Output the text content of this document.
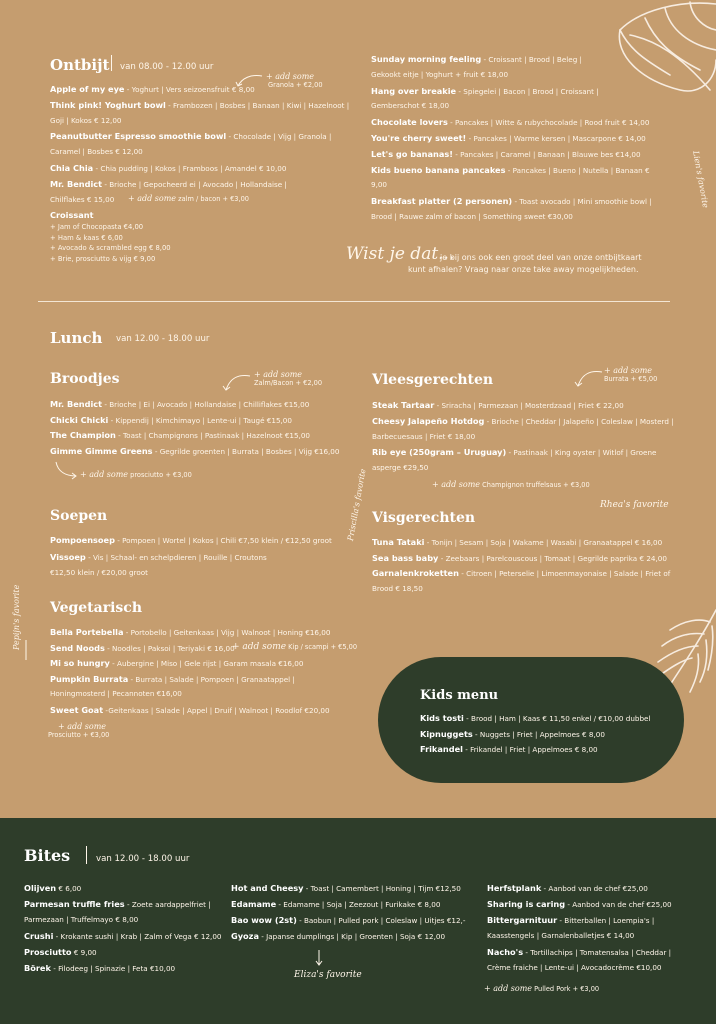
Ontbijt van 08.00 - 12.00 uur
+ add some
Granola + €2,00
Apple of my eye - Yoghurt | Vers seizoensfruit € 8,00
Think pink! Yoghurt bowl - Frambozen | Bosbes | Banaan | Kiwi | Hazelnoot |
Goji | Kokos € 12,00
Peanutbutter Espresso smoothie bowl - Chocolade | Vijg | Granola |
Caramel | Bosbes € 12,00
Chia Chia - Chia pudding | Kokos | Framboos | Amandel € 10,00
Mr. Bendict - Brioche | Gepocheerd ei | Avocado | Hollandaise |
Chilflakes € 15,00
Croissant
+ add some zalm / bacon + €3,00
+ Jam of Chocopasta €4,00
+ Ham & kaas € 6,00
+ Avocado & scrambled egg € 8,00
+ Brie, prosciutto & vijg € 9,00
Sunday morning feeling - Croissant | Brood | Beleg |
Gekookt eitje | Yoghurt + fruit € 18,00
Hang over breakie - Spiegelei | Bacon | Brood | Croissant |
Gemberschot € 18,00
Chocolate lovers - Pancakes | Witte & rubychocolade | Rood fruit € 14,00
You're cherry sweet! - Pancakes | Warme kersen | Mascarpone € 14,00
Let's go bananas! - Pancakes | Caramel | Banaan | Blauwe bes €14,00
Kids bueno banana pancakes - Pancakes | Bueno | Nutella | Banaan €
9,00
Breakfast platter (2 personen) - Toast avocado | Mini smoothie bowl |
Brood | Rauwe zalm of bacon | Something sweet €30,00
Wist je dat...
je bij ons ook een groot deel van onze ontbijtkaart
kunt afhalen? Vraag naar onze take away mogelijkheden.
Lien's favorite
Lunch van 12.00 - 18.00 uur
Broodjes	+ add some
Zalm/Bacon + €2,00
Mr. Bendict - Brioche | Ei | Avocado | Hollandaise | Chilliflakes €15,00
Chicki Chicki - Kippendij | Kimchimayo | Lente-ui | Taugé €15,00
The Champion - Toast | Champignons | Pastinaak | Hazelnoot €15,00
Gimme Gimme Greens - Gegrilde groenten | Burrata | Bosbes | Vijg €16,00
+ add some prosciutto + €3,00
Soepen
Pompoensoep - Pompoen | Wortel | Kokos | Chili €7,50 klein / €12,50 groot
Vissoep - Vis | Schaal- en schelpdieren | Rouille | Croutons
€12,50 klein / €20,00 groot
Vegetarisch
Bella Portebella - Portobello | Geitenkaas | Vijg | Walnoot | Honing €16,00
Send Noods - Noodles | Paksoi | Teriyaki € 16,00
Mi so hungry - Aubergine | Miso | Gele rijst | Garam masala €16,00
Pumpkin Burrata - Burrata | Salade | Pompoen | Granaatappel |
Honingmosterd | Pecannoten €16,00
Sweet Goat -Geitenkaas | Salade | Appel | Druif | Walnoot | Roodlof €20,00
+ add some Kip / scampi + €5,00
+ add some
Prosciutto + €3,00
Pepijn's favorite
Priscilla's favorite
Vleesgerechten
+ add some
Burrata + €5,00
Steak Tartaar - Sriracha | Parmezaan | Mosterdzaad | Friet € 22,00
Cheesy Jalapeño Hotdog - Brioche | Cheddar | Jalapeño | Coleslaw | Mosterd |
Barbecuesaus | Friet € 18,00
Rib eye (250gram – Uruguay) - Pastinaak | King oyster | Witlof | Groene
asperge €29,50
+ add some Champignon truffelsaus + €3,00
Rhea's favorite
Visgerechten
Tuna Tataki - Tonijn | Sesam | Soja | Wakame | Wasabi | Granaatappel € 16,00
Sea bass baby - Zeebaars | Parelcouscous | Tomaat | Gegrilde paprika € 24,00
Garnalenkroketten - Citroen | Peterselie | Limoenmayonaise | Salade | Friet of
Brood € 18,50
Kids menu
Kids tosti - Brood | Ham | Kaas € 11,50 enkel / €10,00 dubbel
Kipnuggets - Nuggets | Friet | Appelmoes € 8,00
Frikandel - Frikandel | Friet | Appelmoes € 8,00
Bites	van 12.00 - 18.00 uur
Olijven € 6,00
Parmesan truffle fries - Zoete aardappelfriet |
Parmezaan | Truffelmayo € 8,00
Crushi - Krokante sushi | Krab | Zalm of Vega € 12,00
Prosciutto € 9,00
Börek - Filodeeg | Spinazie | Feta €10,00
Hot and Cheesy - Toast | Camembert | Honing | Tijm €12,50
Edamame - Edamame | Soja | Zeezout | Furikake € 8,00
Bao wow (2st) - Baobun | Pulled pork | Coleslaw | Uitjes €12,-
Gyoza - Japanse dumplings | Kip | Groenten | Soja € 12,00
Herfstplank - Aanbod van de chef €25,00
Sharing is caring - Aanbod van de chef €25,00
Bittergarnituur - Bitterballen | Loempia's |
Kaasstengels | Garnalenballetjes € 14,00
Nacho's - Tortillachips | Tomatensalsa | Cheddar |
Crème fraiche | Lente-ui | Avocadocrème €10,00
+ add some Pulled Pork + €3,00
Eliza's favorite
